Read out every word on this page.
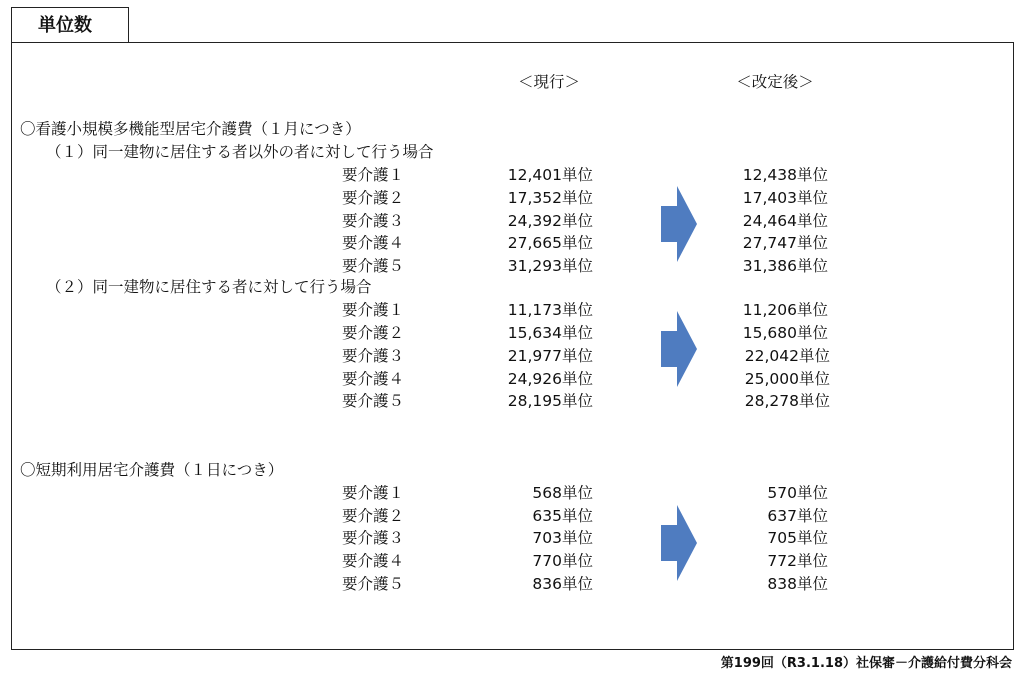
単位数
＜現行＞	＜改定後＞
〇看護小規模多機能型居宅介護費（１月につき）
（１）同一建物に居住する者以外の者に対して行う場合
要介護１	12,401単位	12,438単位
要介護２	17,352単位	17,403単位
要介護３	24,392単位	24,464単位
要介護４	27,665単位	27,747単位
要介護５	31,293単位	31,386単位
（２）同一建物に居住する者に対して行う場合
要介護１	11,173単位	11,206単位
要介護２	15,634単位	15,680単位
要介護３	21,977単位	22,042単位
要介護４	24,926単位	25,000単位
要介護５	28,195単位	28,278単位
〇短期利用居宅介護費（１日につき）
要介護１	568単位	570単位
要介護２	635単位	637単位
要介護３	703単位	705単位
要介護４	770単位	772単位
要介護５	836単位	838単位
第199回（R3.1.18）社保審－介護給付費分科会
